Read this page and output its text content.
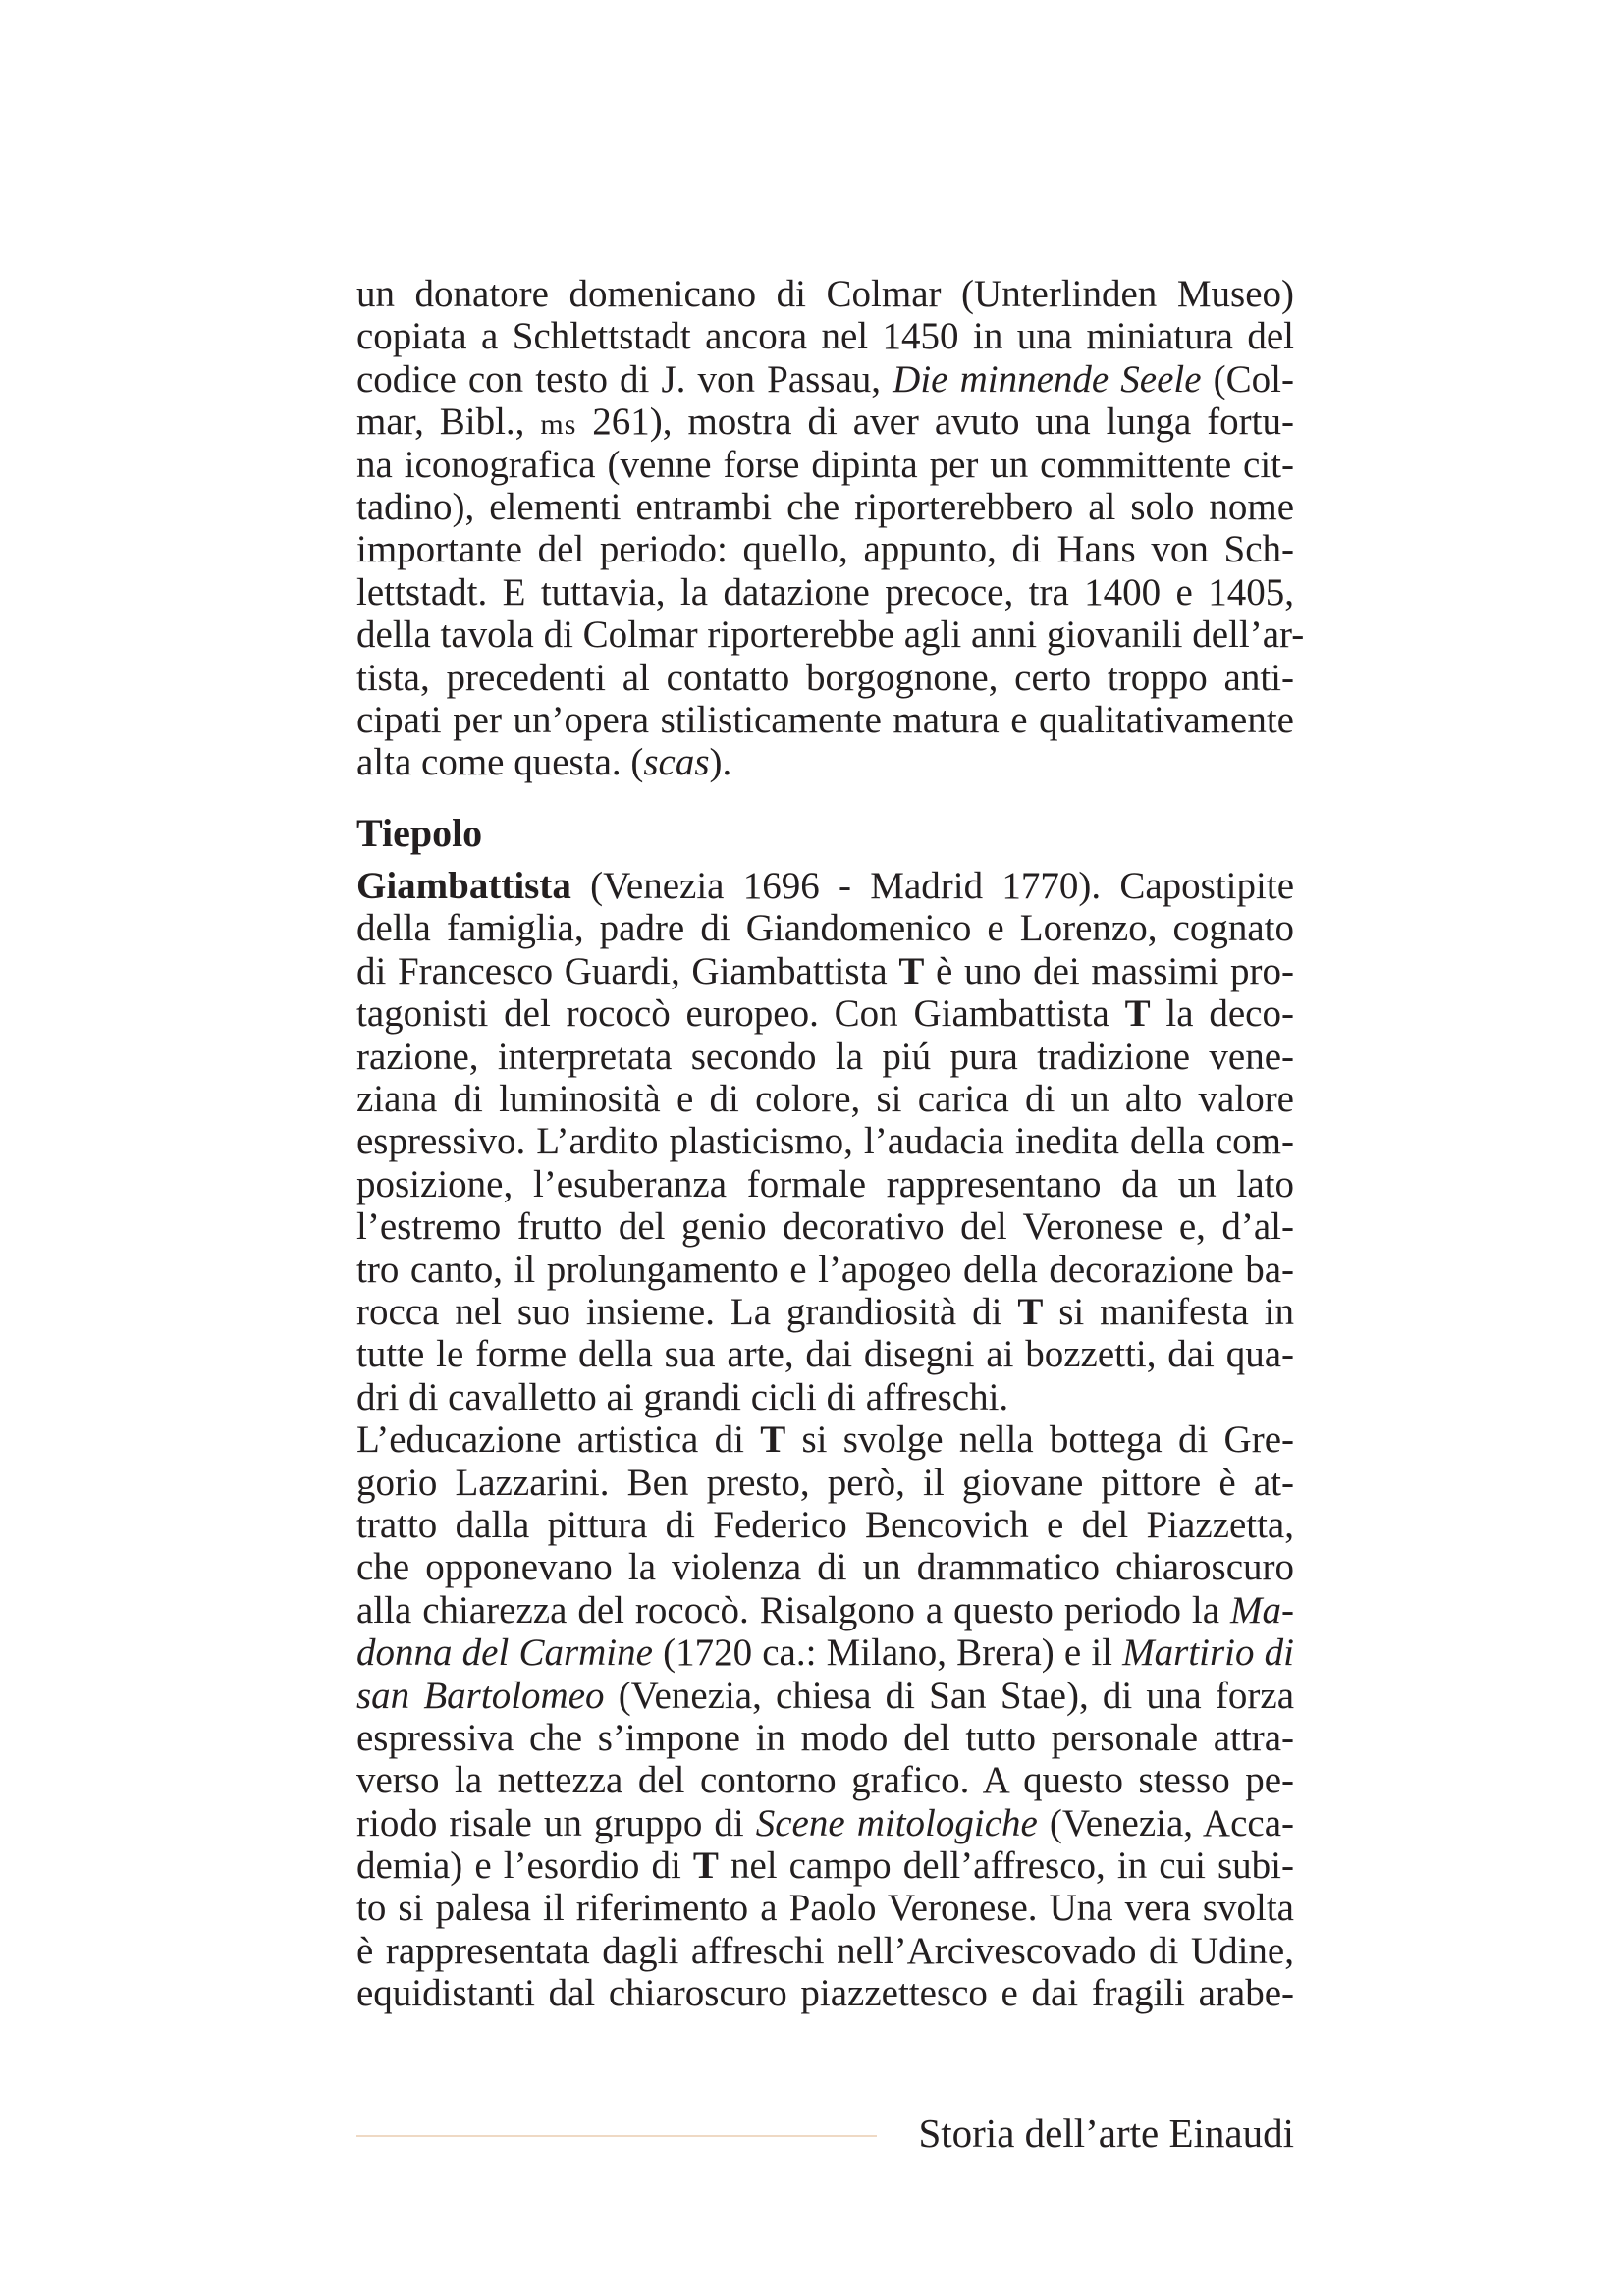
un donatore domenicano di Colmar (Unterlinden Museo)
copiata a Schlettstadt ancora nel 1450 in una miniatura del
codice con testo di J. von Passau, Die minnende Seele (Col-
mar, Bibl., ms 261), mostra di aver avuto una lunga fortu-
na iconografica (venne forse dipinta per un committente cit-
tadino), elementi entrambi che riporterebbero al solo nome
importante del periodo: quello, appunto, di Hans von Sch-
lettstadt. E tuttavia, la datazione precoce, tra 1400 e 1405,
della tavola di Colmar riporterebbe agli anni giovanili dell’ar-
tista, precedenti al contatto borgognone, certo troppo anti-
cipati per un’opera stilisticamente matura e qualitativamente
alta come questa. (scas).
Tiepolo
Giambattista (Venezia 1696 - Madrid 1770). Capostipite
della famiglia, padre di Giandomenico e Lorenzo, cognato
di Francesco Guardi, Giambattista T è uno dei massimi pro-
tagonisti del rococò europeo. Con Giambattista T la deco-
razione, interpretata secondo la piú pura tradizione vene-
ziana di luminosità e di colore, si carica di un alto valore
espressivo. L’ardito plasticismo, l’audacia inedita della com-
posizione, l’esuberanza formale rappresentano da un lato
l’estremo frutto del genio decorativo del Veronese e, d’al-
tro canto, il prolungamento e l’apogeo della decorazione ba-
rocca nel suo insieme. La grandiosità di T si manifesta in
tutte le forme della sua arte, dai disegni ai bozzetti, dai qua-
dri di cavalletto ai grandi cicli di affreschi.
L’educazione artistica di T si svolge nella bottega di Gre-
gorio Lazzarini. Ben presto, però, il giovane pittore è at-
tratto dalla pittura di Federico Bencovich e del Piazzetta,
che opponevano la violenza di un drammatico chiaroscuro
alla chiarezza del rococò. Risalgono a questo periodo la Ma-
donna del Carmine (1720 ca.: Milano, Brera) e il Martirio di
san Bartolomeo (Venezia, chiesa di San Stae), di una forza
espressiva che s’impone in modo del tutto personale attra-
verso la nettezza del contorno grafico. A questo stesso pe-
riodo risale un gruppo di Scene mitologiche (Venezia, Acca-
demia) e l’esordio di T nel campo dell’affresco, in cui subi-
to si palesa il riferimento a Paolo Veronese. Una vera svolta
è rappresentata dagli affreschi nell’Arcivescovado di Udine,
equidistanti dal chiaroscuro piazzettesco e dai fragili arabe-
Storia dell’arte Einaudi
